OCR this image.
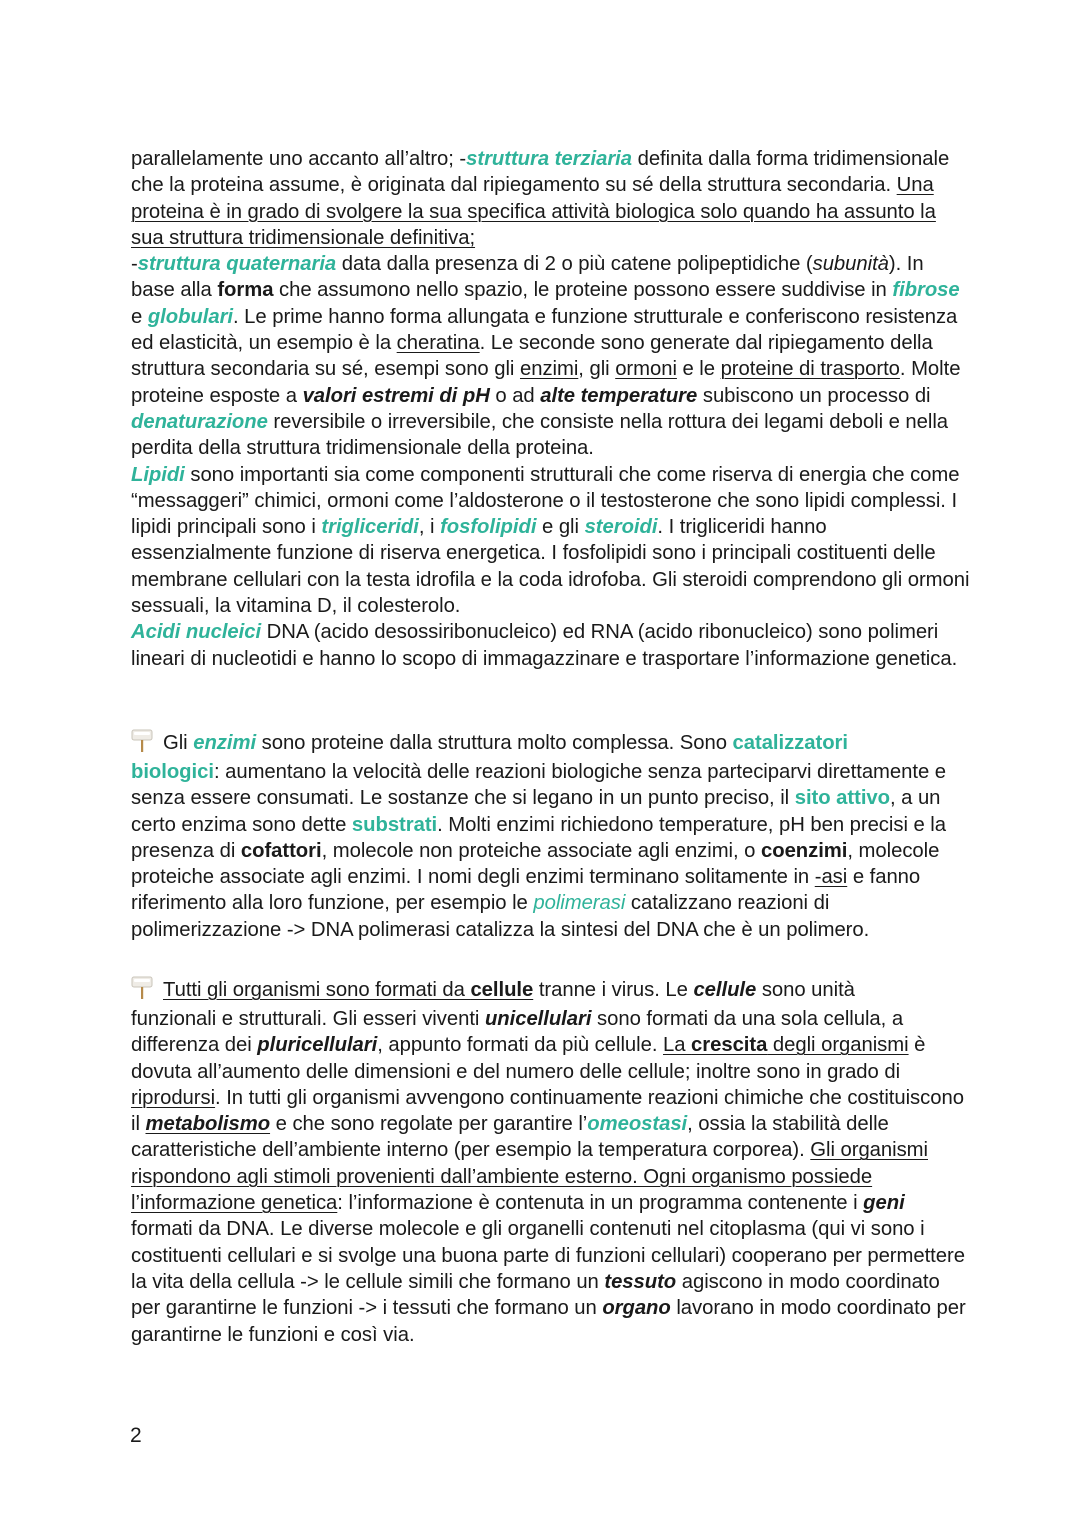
parallelamente uno accanto all’altro; -struttura terziaria definita dalla forma tridimensionale che la proteina assume, è originata dal ripiegamento su sé della struttura secondaria. Una proteina è in grado di svolgere la sua specifica attività biologica solo quando ha assunto la sua struttura tridimensionale definitiva;
-struttura quaternaria data dalla presenza di 2 o più catene polipeptidiche (subunità). In base alla forma che assumono nello spazio, le proteine possono essere suddivise in fibrose e globulari. Le prime hanno forma allungata e funzione strutturale e conferiscono resistenza ed elasticità, un esempio è la cheratina. Le seconde sono generate dal ripiegamento della struttura secondaria su sé, esempi sono gli enzimi, gli ormoni e le proteine di trasporto. Molte proteine esposte a valori estremi di pH o ad alte temperature subiscono un processo di denaturazione reversibile o irreversibile, che consiste nella rottura dei legami deboli e nella perdita della struttura tridimensionale della proteina.

Lipidi sono importanti sia come componenti strutturali che come riserva di energia che come “messaggeri” chimici, ormoni come l’aldosterone o il testosterone che sono lipidi complessi. I lipidi principali sono i trigliceridi, i fosfolipidi e gli steroidi. I trigliceridi hanno essenzialmente funzione di riserva energetica. I fosfolipidi sono i principali costituenti delle membrane cellulari con la testa idrofila e la coda idrofoba. Gli steroidi comprendono gli ormoni sessuali, la vitamina D, il colesterolo.

Acidi nucleici DNA (acido desossiribonucleico) ed RNA (acido ribonucleico) sono polimeri lineari di nucleotidi e hanno lo scopo di immagazzinare e trasportare l’informazione genetica.

Gli enzimi sono proteine dalla struttura molto complessa. Sono catalizzatori
biologici: aumentano la velocità delle reazioni biologiche senza parteciparvi direttamente e senza essere consumati. Le sostanze che si legano in un punto preciso, il sito attivo, a un certo enzima sono dette substrati. Molti enzimi richiedono temperature, pH ben precisi e la presenza di cofattori, molecole non proteiche associate agli enzimi, o coenzimi, molecole proteiche associate agli enzimi. I nomi degli enzimi terminano solitamente in -asi e fanno riferimento alla loro funzione, per esempio le polimerasi catalizzano reazioni di polimerizzazione -> DNA polimerasi catalizza la sintesi del DNA che è un polimero.

Tutti gli organismi sono formati da cellule tranne i virus. Le cellule sono unità
funzionali e strutturali. Gli esseri viventi unicellulari sono formati da una sola cellula, a differenza dei pluricellulari, appunto formati da più cellule. La crescita degli organismi è dovuta all’aumento delle dimensioni e del numero delle cellule; inoltre sono in grado di riprodursi. In tutti gli organismi avvengono continuamente reazioni chimiche che costituiscono il metabolismo e che sono regolate per garantire l’omeostasi, ossia la stabilità delle caratteristiche dell’ambiente interno (per esempio la temperatura corporea). Gli organismi rispondono agli stimoli provenienti dall’ambiente esterno. Ogni organismo possiede l’informazione genetica: l’informazione è contenuta in un programma contenente i geni formati da DNA. Le diverse molecole e gli organelli contenuti nel citoplasma (qui vi sono i costituenti cellulari e si svolge una buona parte di funzioni cellulari) cooperano per permettere la vita della cellula -> le cellule simili che formano un tessuto agiscono in modo coordinato per garantirne le funzioni -> i tessuti che formano un organo lavorano in modo coordinato per garantirne le funzioni e così via.

2
